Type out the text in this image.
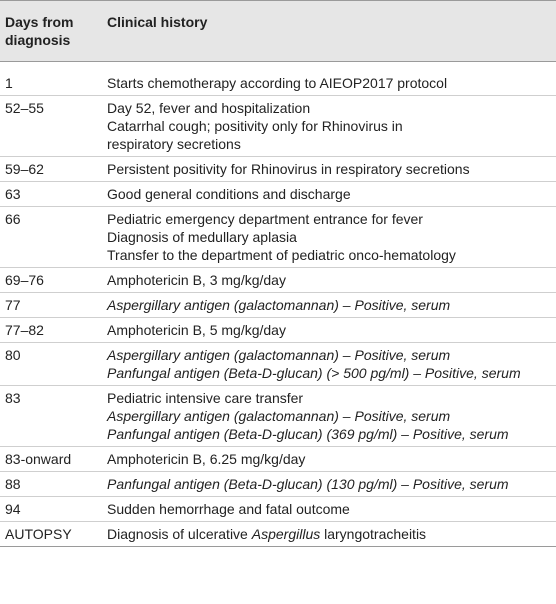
Days from diagnosis	Clinical history
1	Starts chemotherapy according to AIEOP2017 protocol

52–55	Day 52, fever and hospitalization
Catarrhal cough; positivity only for Rhinovirus in
respiratory secretions

59–62	Persistent positivity for Rhinovirus in respiratory secretions

63	Good general conditions and discharge

66	Pediatric emergency department entrance for fever
Diagnosis of medullary aplasia
Transfer to the department of pediatric onco-hematology

69–76	Amphotericin B, 3 mg/kg/day

77	Aspergillary antigen (galactomannan) – Positive, serum

77–82	Amphotericin B, 5 mg/kg/day

80	Aspergillary antigen (galactomannan) – Positive, serum
Panfungal antigen (Beta-D-glucan) (> 500 pg/ml) – Positive, serum

83	Pediatric intensive care transfer
Aspergillary antigen (galactomannan) – Positive, serum
Panfungal antigen (Beta-D-glucan) (369 pg/ml) – Positive, serum

83-onward	Amphotericin B, 6.25 mg/kg/day

88	Panfungal antigen (Beta-D-glucan) (130 pg/ml) – Positive, serum

94	Sudden hemorrhage and fatal outcome

AUTOPSY	Diagnosis of ulcerative Aspergillus laryngotracheitis
